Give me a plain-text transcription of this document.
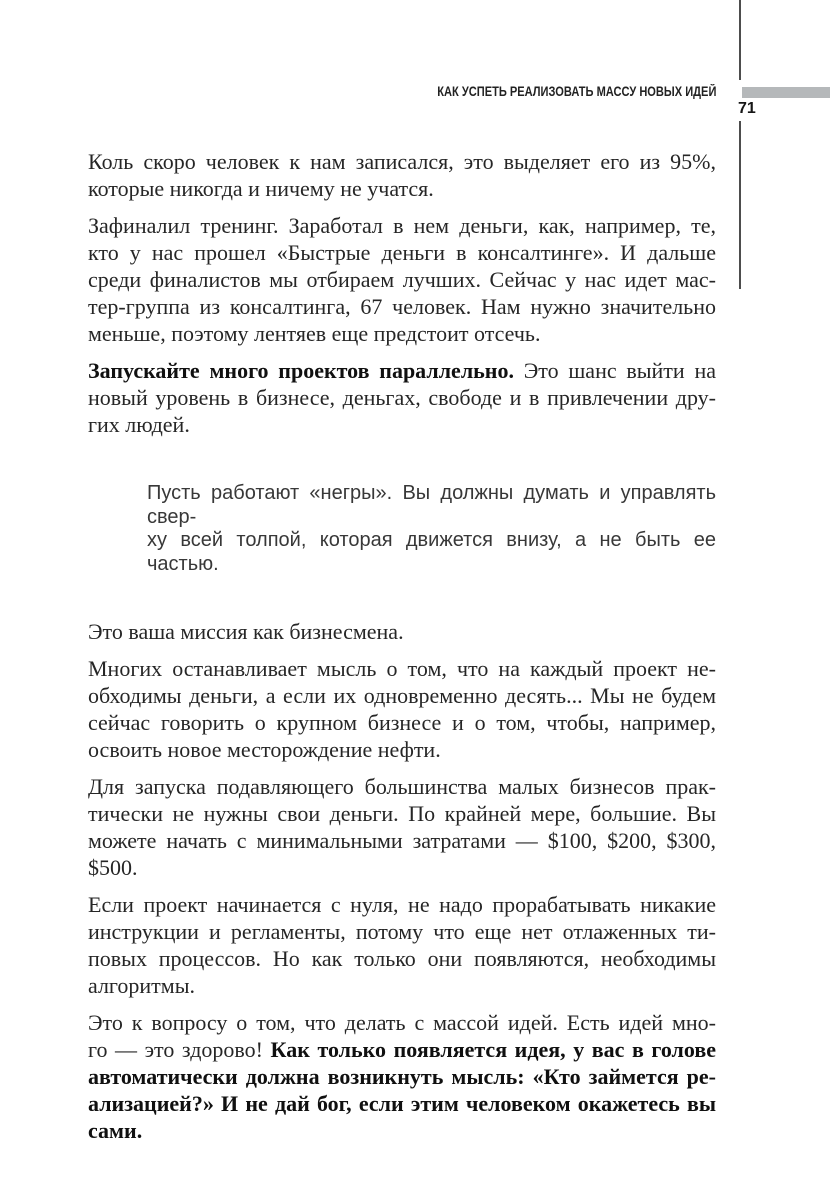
КАК УСПЕТЬ РЕАЛИЗОВАТЬ МАССУ НОВЫХ ИДЕЙ
71
Коль скоро человек к нам записался, это выделяет его из 95%,
которые никогда и ничему не учатся.
Зафиналил тренинг. Заработал в нем деньги, как, например, те,
кто у нас прошел «Быстрые деньги в консалтинге». И дальше
среди финалистов мы отбираем лучших. Сейчас у нас идет мас-
тер-группа из консалтинга, 67 человек. Нам нужно значительно
меньше, поэтому лентяев еще предстоит отсечь.
Запускайте много проектов параллельно. Это шанс выйти на
новый уровень в бизнесе, деньгах, свободе и в привлечении дру-
гих людей.
Пусть работают «негры». Вы должны думать и управлять свер-
ху всей толпой, которая движется внизу, а не быть ее частью.
Это ваша миссия как бизнесмена.
Многих останавливает мысль о том, что на каждый проект не-
обходимы деньги, а если их одновременно десять... Мы не будем
сейчас говорить о крупном бизнесе и о том, чтобы, например,
освоить новое месторождение нефти.
Для запуска подавляющего большинства малых бизнесов прак-
тически не нужны свои деньги. По крайней мере, большие. Вы
можете начать с минимальными затратами — $100, $200, $300,
$500.
Если проект начинается с нуля, не надо прорабатывать никакие
инструкции и регламенты, потому что еще нет отлаженных ти-
повых процессов. Но как только они появляются, необходимы
алгоритмы.
Это к вопросу о том, что делать с массой идей. Есть идей мно-
го — это здорово! Как только появляется идея, у вас в голове
автоматически должна возникнуть мысль: «Кто займется ре-
ализацией?» И не дай бог, если этим человеком окажетесь вы
сами.
